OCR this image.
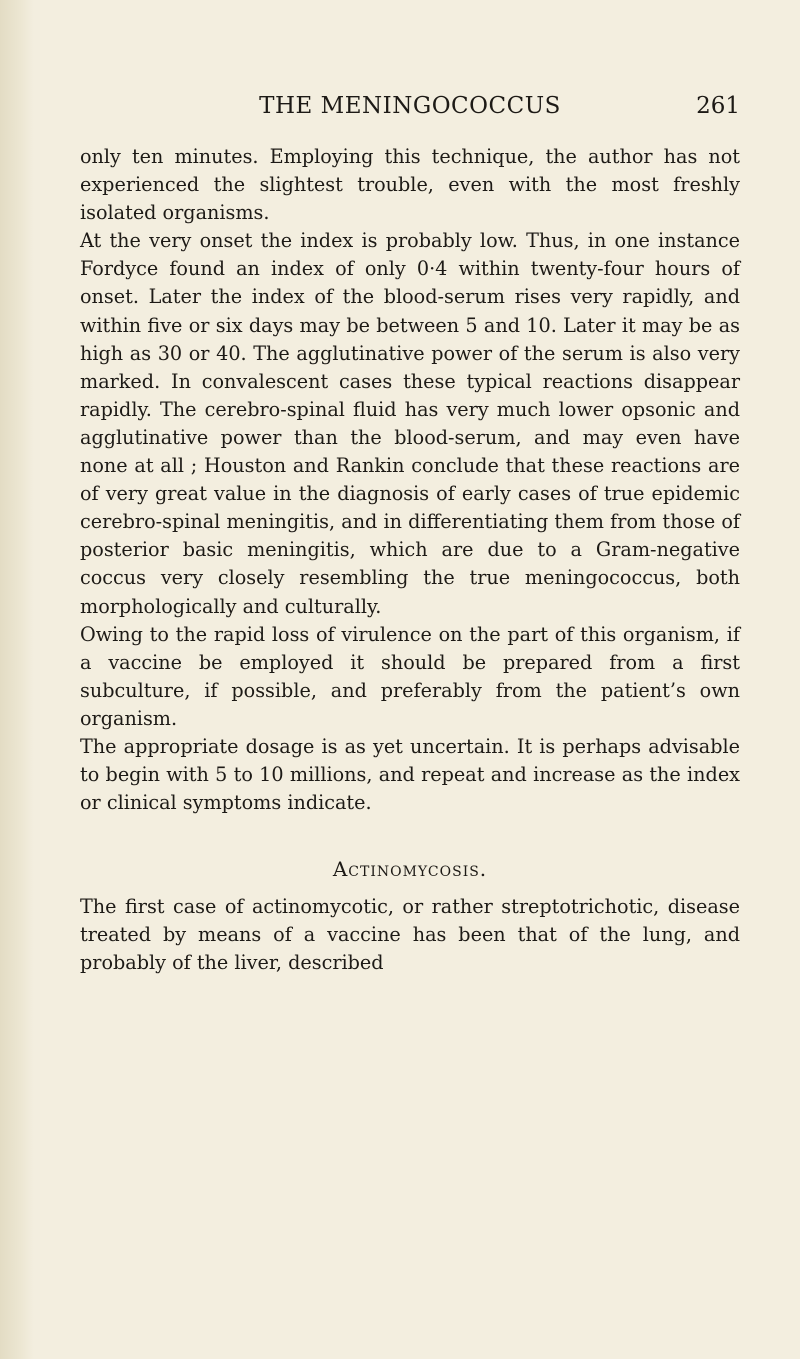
THE MENINGOCOCCUS	261

only ten minutes. Employing this technique, the author has not experienced the slightest trouble, even with the most freshly isolated organisms.

At the very onset the index is probably low. Thus, in one instance Fordyce found an index of only 0·4 within twenty-four hours of onset. Later the index of the blood-serum rises very rapidly, and within five or six days may be between 5 and 10. Later it may be as high as 30 or 40. The agglutinative power of the serum is also very marked. In convalescent cases these typical reactions disappear rapidly. The cerebro-spinal fluid has very much lower opsonic and agglutinative power than the blood-serum, and may even have none at all ; Houston and Rankin conclude that these reactions are of very great value in the diagnosis of early cases of true epidemic cerebro-spinal meningitis, and in differentiating them from those of posterior basic meningitis, which are due to a Gram-negative coccus very closely resembling the true meningococcus, both morphologically and culturally.

Owing to the rapid loss of virulence on the part of this organism, if a vaccine be employed it should be prepared from a first subculture, if possible, and preferably from the patient’s own organism.

The appropriate dosage is as yet uncertain. It is perhaps advisable to begin with 5 to 10 millions, and repeat and increase as the index or clinical symptoms indicate.

Actinomycosis.

The first case of actinomycotic, or rather streptotrichotic, disease treated by means of a vaccine has been that of the lung, and probably of the liver, described
